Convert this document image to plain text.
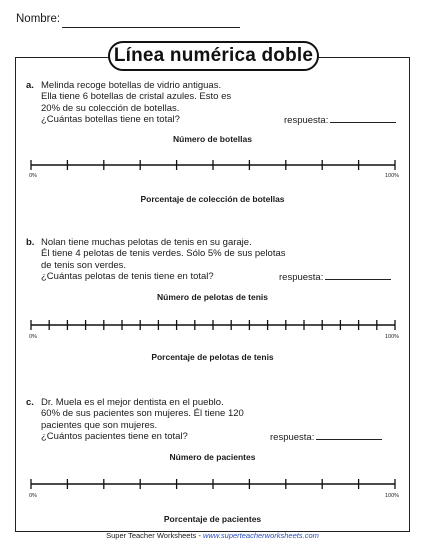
Nombre:
Línea numérica doble
a. Melinda recoge botellas de vidrio antiguas.
Ella tiene 6 botellas de cristal azules. Esto es
20% de su colección de botellas.
¿Cuántas botellas tiene en total?	respuesta:
Número de botellas
0%	100%
Porcentaje de colección de botellas
b. Nolan tiene muchas pelotas de tenis en su garaje.
Él tiene 4 pelotas de tenis verdes. Sólo 5% de sus pelotas
de tenis son verdes.
¿Cuántas pelotas de tenis tiene en total?	respuesta:
Número de pelotas de tenis
0%	100%
Porcentaje de pelotas de tenis
c. Dr. Muela es el mejor dentista en el pueblo.
60% de sus pacientes son mujeres. Él tiene 120
pacientes que son mujeres.
¿Cuántos pacientes tiene en total?	respuesta:
Número de pacientes
0%	100%
Porcentaje de pacientes
Super Teacher Worksheets - www.superteacherworksheets.com
